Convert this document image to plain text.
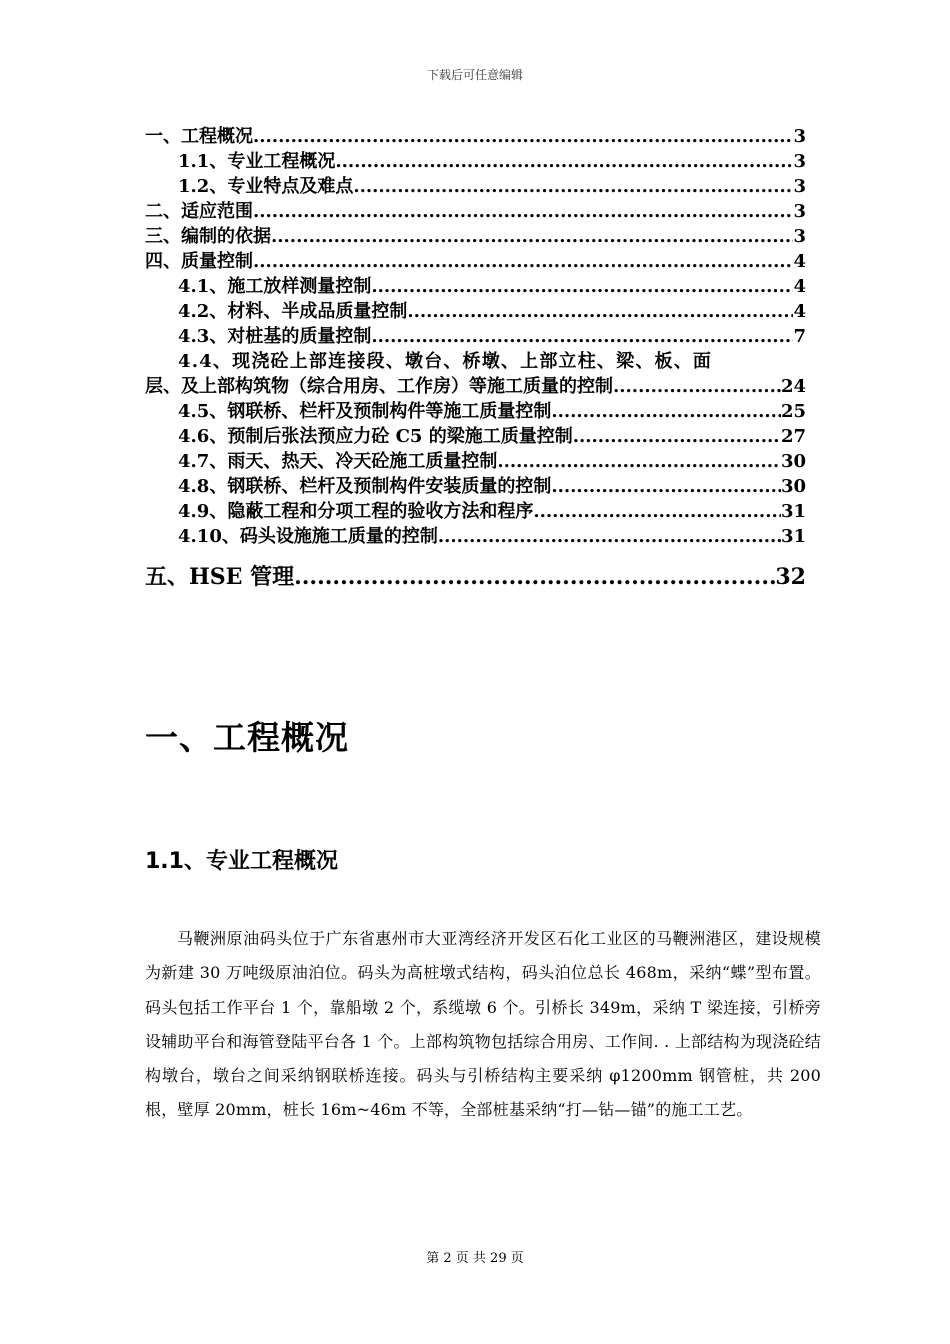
下载后可任意编辑
一、工程概况 .....	3
1.1、专业工程概况 .....	3
1.2、专业特点及难点 .....	3
二、适应范围 .....	3
三、编制的依据 .....	3
四、质量控制 .....	4
4.1、施工放样测量控制 .....	4
4.2、材料、半成品质量控制 .....	4
4.3、对桩基的质量控制 .....	7
4.4、现浇砼上部连接段、墩台、桥墩、上部立柱、梁、板、面
层、及上部构筑物（综合用房、工作房）等施工质量的控制 .....	24
4.5、钢联桥、栏杆及预制构件等施工质量控制 .....	25
4.6、预制后张法预应力砼 C5 的梁施工质量控制 .....	27
4.7、雨天、热天、冷天砼施工质量控制 .....	30
4.8、钢联桥、栏杆及预制构件安装质量的控制 .....	30
4.9、隐蔽工程和分项工程的验收方法和程序 .....	31
4.10、码头设施施工质量的控制 .....	31
五、HSE 管理 .....	32
一、工程概况
1.1、专业工程概况
马鞭洲原油码头位于广东省惠州市大亚湾经济开发区石化工业区的马鞭洲港区，建设规模为新建 30 万吨级原油泊位。码头为高桩墩式结构，码头泊位总长 468m，采纳“蝶”型布置。码头包括工作平台 1 个，靠船墩 2 个，系缆墩 6 个。引桥长 349m，采纳 T 梁连接，引桥旁设辅助平台和海管登陆平台各 1 个。上部构筑物包括综合用房、工作间. . 上部结构为现浇砼结构墩台，墩台之间采纳钢联桥连接。码头与引桥结构主要采纳 φ1200mm 钢管桩，共 200 根，壁厚 20mm，桩长 16m~46m 不等，全部桩基采纳“打—钻—锚”的施工工艺。
第 2 页 共 29 页
